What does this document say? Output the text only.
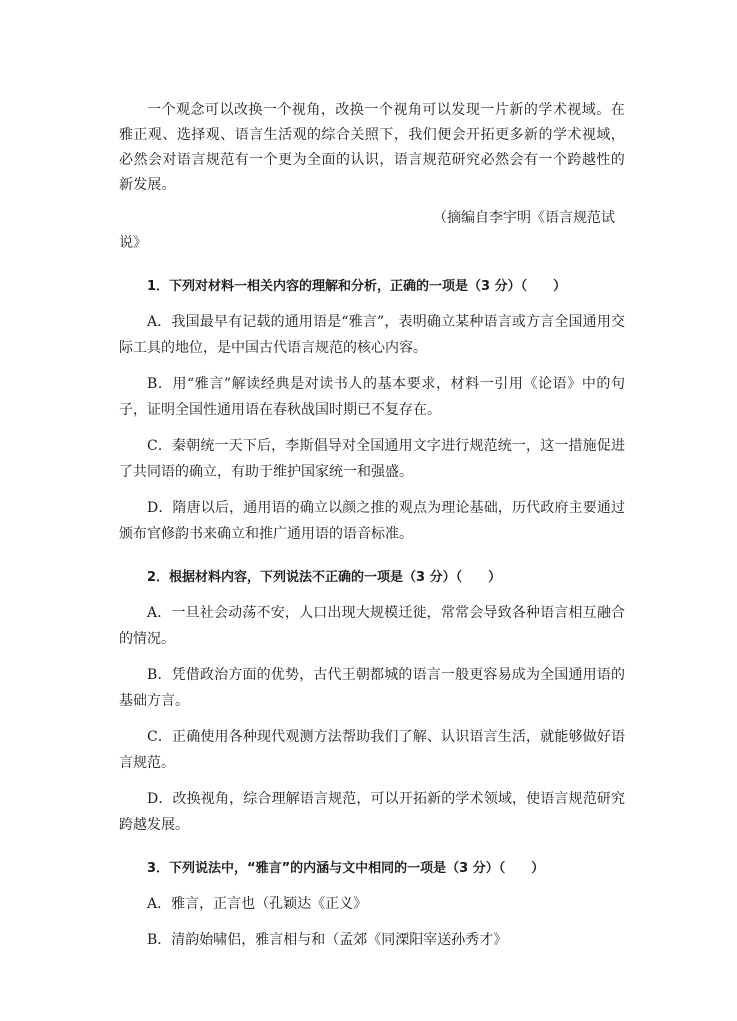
一个观念可以改换一个视角，改换一个视角可以发现一片新的学术视域。在雅正观、选择观、语言生活观的综合关照下，我们便会开拓更多新的学术视域，必然会对语言规范有一个更为全面的认识，语言规范研究必然会有一个跨越性的新发展。

（摘编自李宇明《语言规范试
说》

1．下列对材料一相关内容的理解和分析，正确的一项是（3 分）（　　）

A．我国最早有记载的通用语是“雅言”，表明确立某种语言或方言全国通用交际工具的地位，是中国古代语言规范的核心内容。

B．用“雅言”解读经典是对读书人的基本要求，材料一引用《论语》中的句子，证明全国性通用语在春秋战国时期已不复存在。

C．秦朝统一天下后，李斯倡导对全国通用文字进行规范统一，这一措施促进了共同语的确立，有助于维护国家统一和强盛。

D．隋唐以后，通用语的确立以颜之推的观点为理论基础，历代政府主要通过颁布官修韵书来确立和推广通用语的语音标准。

2．根据材料内容，下列说法不正确的一项是（3 分）（　　）

A．一旦社会动荡不安，人口出现大规模迁徙，常常会导致各种语言相互融合的情况。

B．凭借政治方面的优势，古代王朝都城的语言一般更容易成为全国通用语的基础方言。

C．正确使用各种现代观测方法帮助我们了解、认识语言生活，就能够做好语言规范。

D．改换视角，综合理解语言规范，可以开拓新的学术领域，使语言规范研究跨越发展。

3．下列说法中，“雅言”的内涵与文中相同的一项是（3 分）（　　）

A．雅言，正言也（孔颖达《正义》

B．清韵始啸侣，雅言相与和（孟郊《同溧阳宰送孙秀才》
